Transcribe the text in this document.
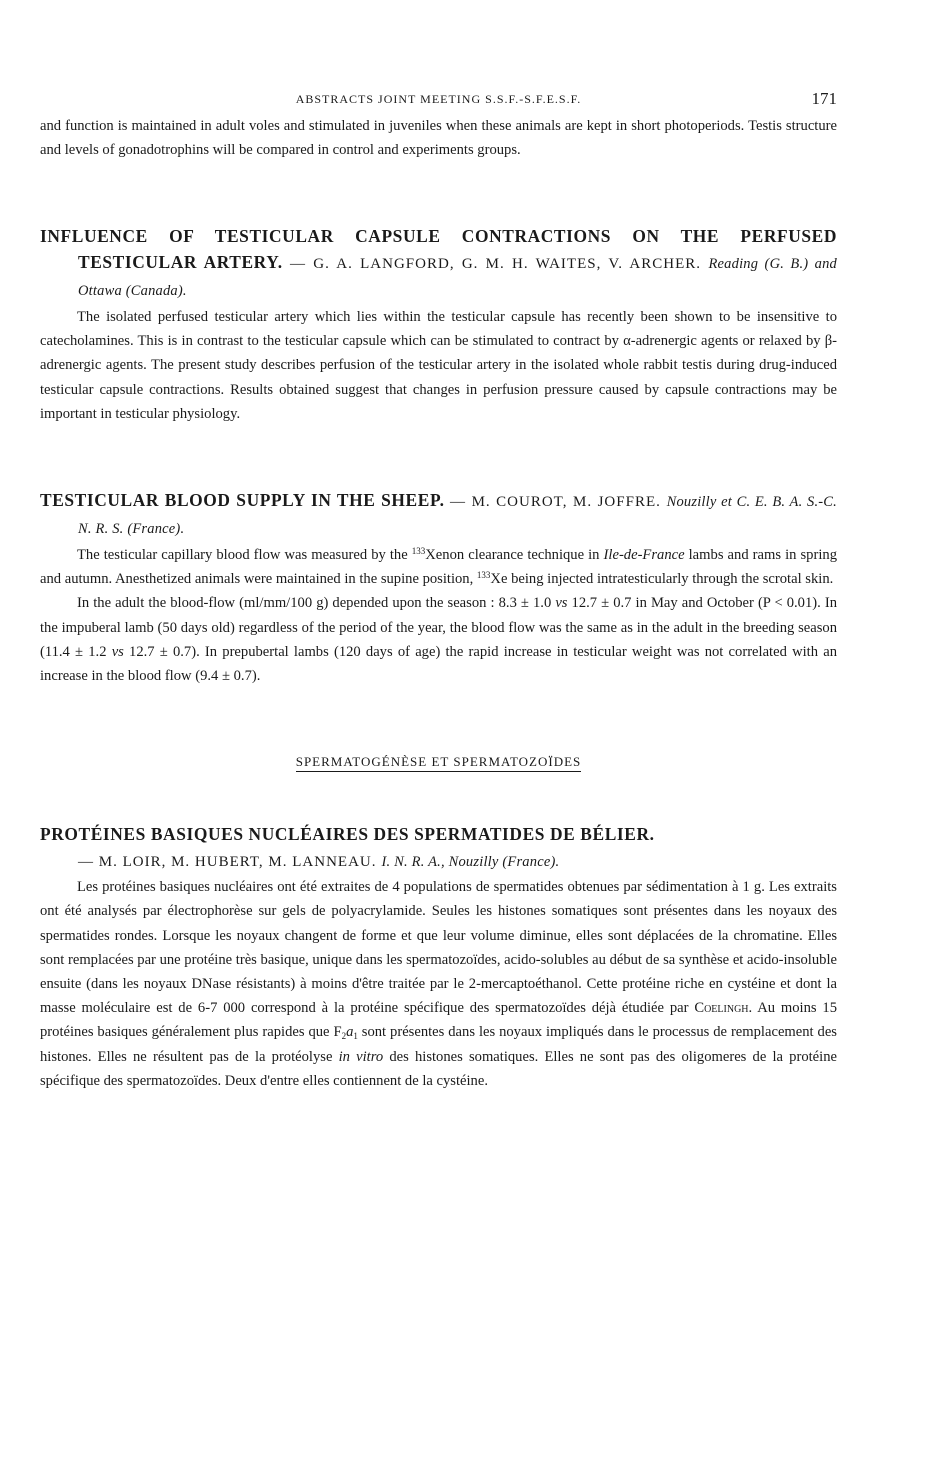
ABSTRACTS JOINT MEETING S.S.F.-S.F.E.S.F.	171

and function is maintained in adult voles and stimulated in juveniles when these animals are kept in short photoperiods. Testis structure and levels of gonadotrophins will be compared in control and experiments groups.

INFLUENCE OF TESTICULAR CAPSULE CONTRACTIONS ON THE PERFUSED TESTICULAR ARTERY. — G. A. LANGFORD, G. M. H. WAITES, V. ARCHER. Reading (G. B.) and Ottawa (Canada).

The isolated perfused testicular artery which lies within the testicular capsule has recently been shown to be insensitive to catecholamines. This is in contrast to the testicular capsule which can be stimulated to contract by α-adrenergic agents or relaxed by β-adrenergic agents. The present study describes perfusion of the testicular artery in the isolated whole rabbit testis during drug-induced testicular capsule contractions. Results obtained suggest that changes in perfusion pressure caused by capsule contractions may be important in testicular physiology.

TESTICULAR BLOOD SUPPLY IN THE SHEEP. — M. COUROT, M. JOFFRE. Nouzilly et C. E. B. A. S.-C. N. R. S. (France).

The testicular capillary blood flow was measured by the $^{133}$Xenon clearance technique in Ile-de-France lambs and rams in spring and autumn. Anesthetized animals were maintained in the supine position, $^{133}$Xe being injected intratesticularly through the scrotal skin.

In the adult the blood-flow (ml/mm/100 g) depended upon the season : 8.3 ± 1.0 vs 12.7 ± 0.7 in May and October (P < 0.01). In the impuberal lamb (50 days old) regardless of the period of the year, the blood flow was the same as in the adult in the breeding season (11.4 ± 1.2 vs 12.7 ± 0.7). In prepubertal lambs (120 days of age) the rapid increase in testicular weight was not correlated with an increase in the blood flow (9.4 ± 0.7).

SPERMATOGÉNÈSE ET SPERMATOZOÏDES

PROTÉINES BASIQUES NUCLÉAIRES DES SPERMATIDES DE BÉLIER.
— M. LOIR, M. HUBERT, M. LANNEAU. I. N. R. A., Nouzilly (France).

Les protéines basiques nucléaires ont été extraites de 4 populations de spermatides obtenues par sédimentation à 1 g. Les extraits ont été analysés par électrophorèse sur gels de polyacrylamide. Seules les histones somatiques sont présentes dans les noyaux des spermatides rondes. Lorsque les noyaux changent de forme et que leur volume diminue, elles sont déplacées de la chromatine. Elles sont remplacées par une protéine très basique, unique dans les spermatozoïdes, acido-solubles au début de sa synthèse et acido-insoluble ensuite (dans les noyaux DNase résistants) à moins d'être traitée par le 2-mercaptoéthanol. Cette protéine riche en cystéine et dont la masse moléculaire est de 6-7 000 correspond à la protéine spécifique des spermatozoïdes déjà étudiée par Coelingh. Au moins 15 protéines basiques généralement plus rapides que $F_2a_1$ sont présentes dans les noyaux impliqués dans le processus de remplacement des histones. Elles ne résultent pas de la protéolyse in vitro des histones somatiques. Elles ne sont pas des oligomeres de la protéine spécifique des spermatozoïdes. Deux d'entre elles contiennent de la cystéine.
